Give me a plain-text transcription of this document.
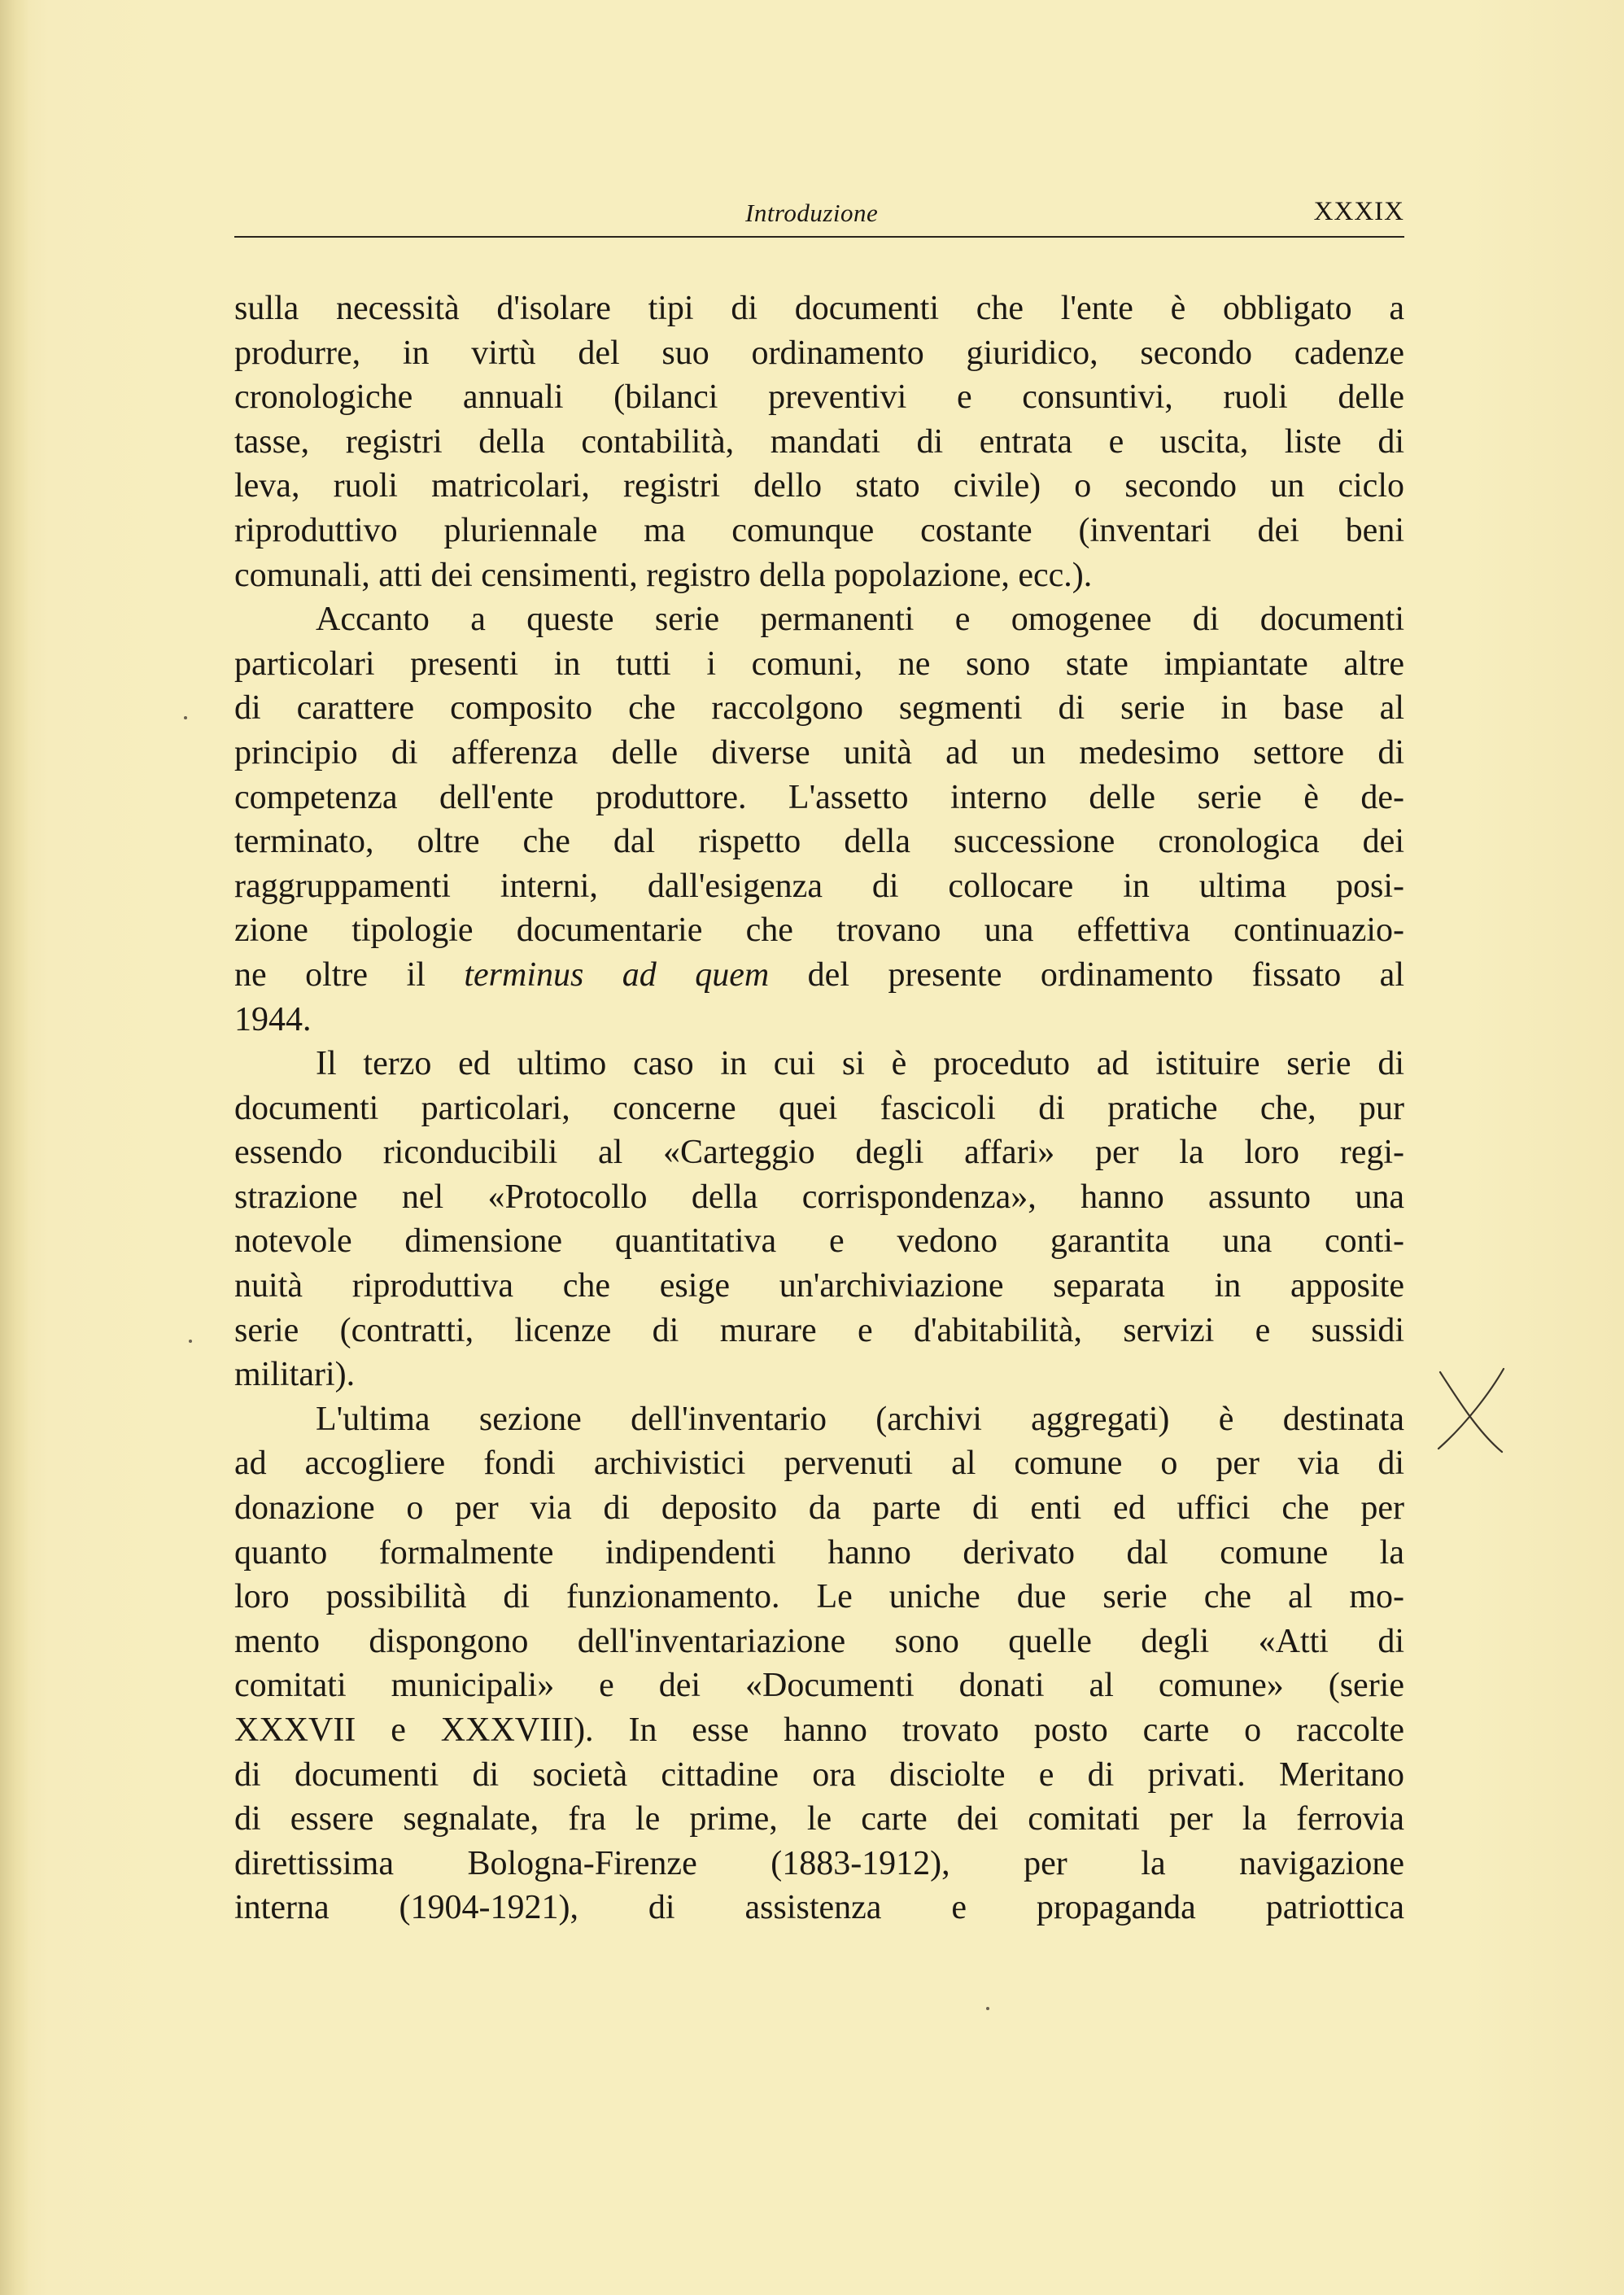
Introduzione	XXXIX
sulla necessità d'isolare tipi di documenti che l'ente è obbligato a
produrre, in virtù del suo ordinamento giuridico, secondo cadenze
cronologiche annuali (bilanci preventivi e consuntivi, ruoli delle
tasse, registri della contabilità, mandati di entrata e uscita, liste di
leva, ruoli matricolari, registri dello stato civile) o secondo un ciclo
riproduttivo pluriennale ma comunque costante (inventari dei beni
comunali, atti dei censimenti, registro della popolazione, ecc.).
Accanto a queste serie permanenti e omogenee di documenti
particolari presenti in tutti i comuni, ne sono state impiantate altre
di carattere composito che raccolgono segmenti di serie in base al
principio di afferenza delle diverse unità ad un medesimo settore di
competenza dell'ente produttore. L'assetto interno delle serie è de-
terminato, oltre che dal rispetto della successione cronologica dei
raggruppamenti interni, dall'esigenza di collocare in ultima posi-
zione tipologie documentarie che trovano una effettiva continuazio-
ne oltre il terminus ad quem del presente ordinamento fissato al
1944.
Il terzo ed ultimo caso in cui si è proceduto ad istituire serie di
documenti particolari, concerne quei fascicoli di pratiche che, pur
essendo riconducibili al «Carteggio degli affari» per la loro regi-
strazione nel «Protocollo della corrispondenza», hanno assunto una
notevole dimensione quantitativa e vedono garantita una conti-
nuità riproduttiva che esige un'archiviazione separata in apposite
serie (contratti, licenze di murare e d'abitabilità, servizi e sussidi
militari).
L'ultima sezione dell'inventario (archivi aggregati) è destinata
ad accogliere fondi archivistici pervenuti al comune o per via di
donazione o per via di deposito da parte di enti ed uffici che per
quanto formalmente indipendenti hanno derivato dal comune la
loro possibilità di funzionamento. Le uniche due serie che al mo-
mento dispongono dell'inventariazione sono quelle degli «Atti di
comitati municipali» e dei «Documenti donati al comune» (serie
XXXVII e XXXVIII). In esse hanno trovato posto carte o raccolte
di documenti di società cittadine ora disciolte e di privati. Meritano
di essere segnalate, fra le prime, le carte dei comitati per la ferrovia
direttissima Bologna-Firenze (1883-1912), per la navigazione
interna (1904-1921), di assistenza e propaganda patriottica
